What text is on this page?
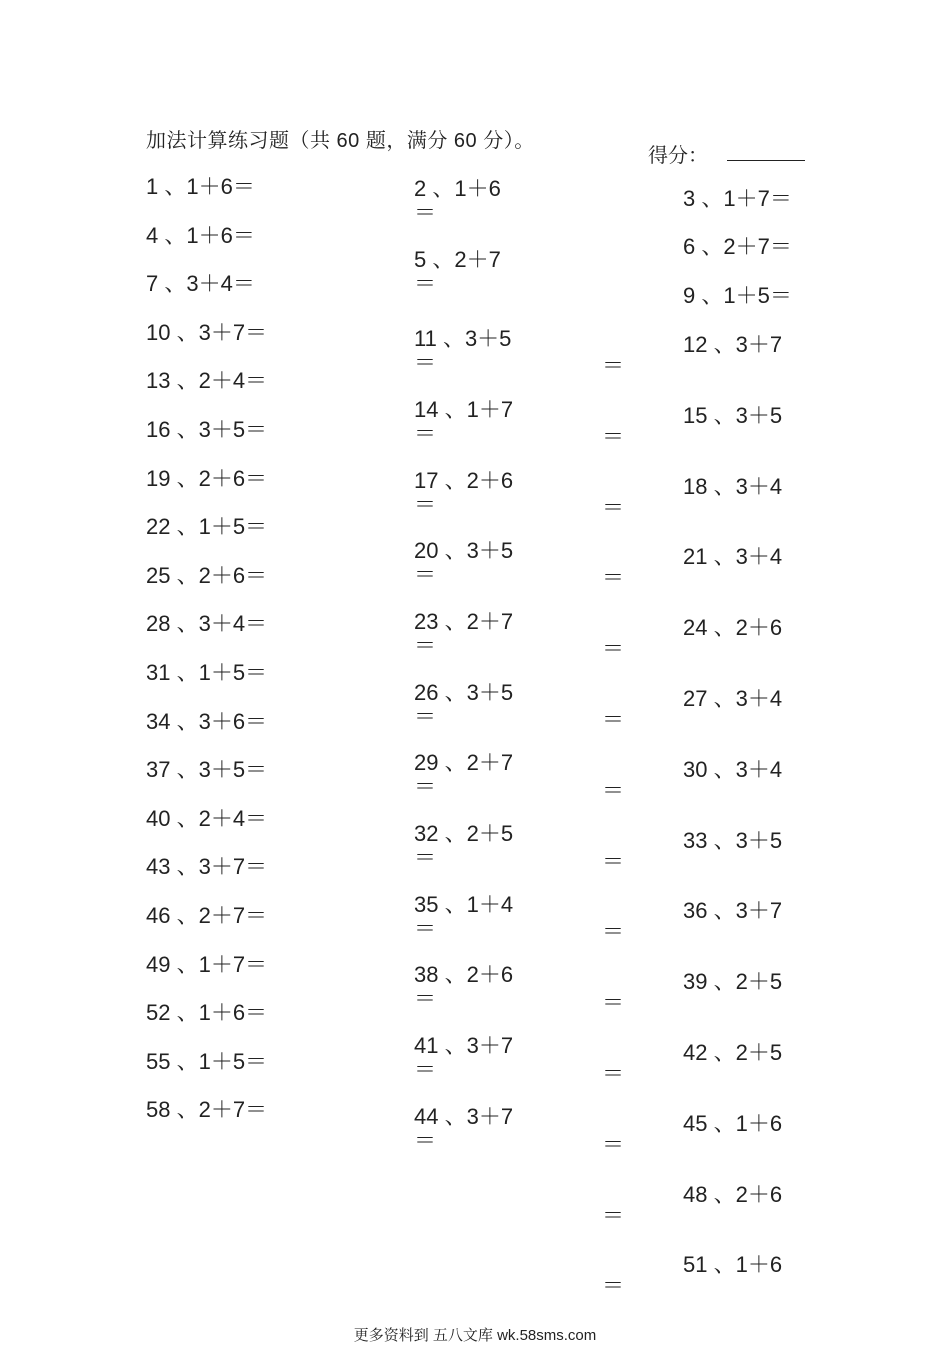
加法计算练习题（共 60 题，满分 60 分）。
得分：
1 、1＋6＝
4 、1＋6＝
7 、3＋4＝
10 、3＋7＝
13 、2＋4＝
16 、3＋5＝
19 、2＋6＝
22 、1＋5＝
25 、2＋6＝
28 、3＋4＝
31 、1＋5＝
34 、3＋6＝
37 、3＋5＝
40 、2＋4＝
43 、3＋7＝
46 、2＋7＝
49 、1＋7＝
52 、1＋6＝
55 、1＋5＝
58 、2＋7＝
2 、1＋6
＝
5 、2＋7
＝
11 、3＋5
＝
14 、1＋7
＝
17 、2＋6
＝
20 、3＋5
＝
23 、2＋7
＝
26 、3＋5
＝
29 、2＋7
＝
32 、2＋5
＝
35 、1＋4
＝
38 、2＋6
＝
41 、3＋7
＝
44 、3＋7
＝
3 、1＋7＝
6 、2＋7＝
9 、1＋5＝
12 、3＋7
＝
15 、3＋5
＝
18 、3＋4
＝
21 、3＋4
＝
24 、2＋6
＝
27 、3＋4
＝
30 、3＋4
＝
33 、3＋5
＝
36 、3＋7
＝
39 、2＋5
＝
42 、2＋5
＝
45 、1＋6
＝
48 、2＋6
＝
51 、1＋6
＝
更多资料到 五八文库 wk.58sms.com
